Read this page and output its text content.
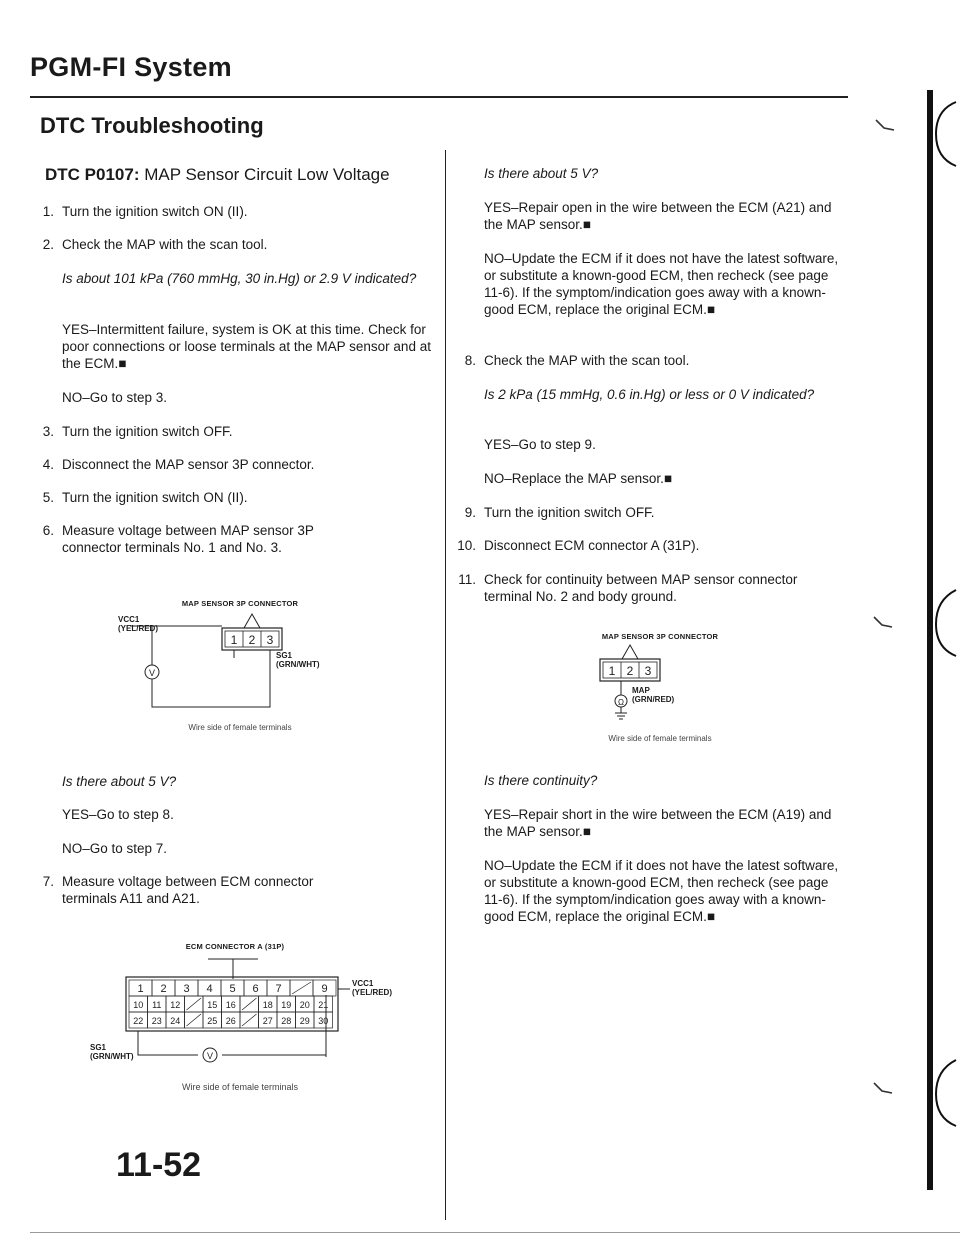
PGM-FI System
DTC Troubleshooting
DTC P0107: MAP Sensor Circuit Low Voltage
1. Turn the ignition switch ON (II).
2. Check the MAP with the scan tool.
Is about 101 kPa (760 mmHg, 30 in.Hg) or 2.9 V indicated?
YES–Intermittent failure, system is OK at this time. Check for poor connections or loose terminals at the MAP sensor and at the ECM.■
NO–Go to step 3.
3. Turn the ignition switch OFF.
4. Disconnect the MAP sensor 3P connector.
5. Turn the ignition switch ON (II).
6. Measure voltage between MAP sensor 3P connector terminals No. 1 and No. 3.
MAP SENSOR 3P CONNECTOR
1 2 3
V
VCC1
(YEL/RED)
SG1
(GRN/WHT)
Wire side of female terminals
Is there about 5 V?
YES–Go to step 8.
NO–Go to step 7.
7. Measure voltage between ECM connector terminals A11 and A21.
ECM CONNECTOR A (31P)
1 2 3 4 5 6 7	9
10 11 12	15 16	18 19 20 21
22 23 24	25 26	27 28 29 30
V
VCC1
(YEL/RED)
SG1
(GRN/WHT)
Wire side of female terminals
Is there about 5 V?
YES–Repair open in the wire between the ECM (A21) and the MAP sensor.■
NO–Update the ECM if it does not have the latest software, or substitute a known-good ECM, then recheck (see page 11-6). If the symptom/indication goes away with a known-good ECM, replace the original ECM.■
8. Check the MAP with the scan tool.
Is 2 kPa (15 mmHg, 0.6 in.Hg) or less or 0 V indicated?
YES–Go to step 9.
NO–Replace the MAP sensor.■
9. Turn the ignition switch OFF.
10. Disconnect ECM connector A (31P).
11. Check for continuity between MAP sensor connector terminal No. 2 and body ground.
MAP SENSOR 3P CONNECTOR
1 2 3
Ω
MAP
(GRN/RED)
Wire side of female terminals
Is there continuity?
YES–Repair short in the wire between the ECM (A19) and the MAP sensor.■
NO–Update the ECM if it does not have the latest software, or substitute a known-good ECM, then recheck (see page 11-6). If the symptom/indication goes away with a known-good ECM, replace the original ECM.■
11-52
